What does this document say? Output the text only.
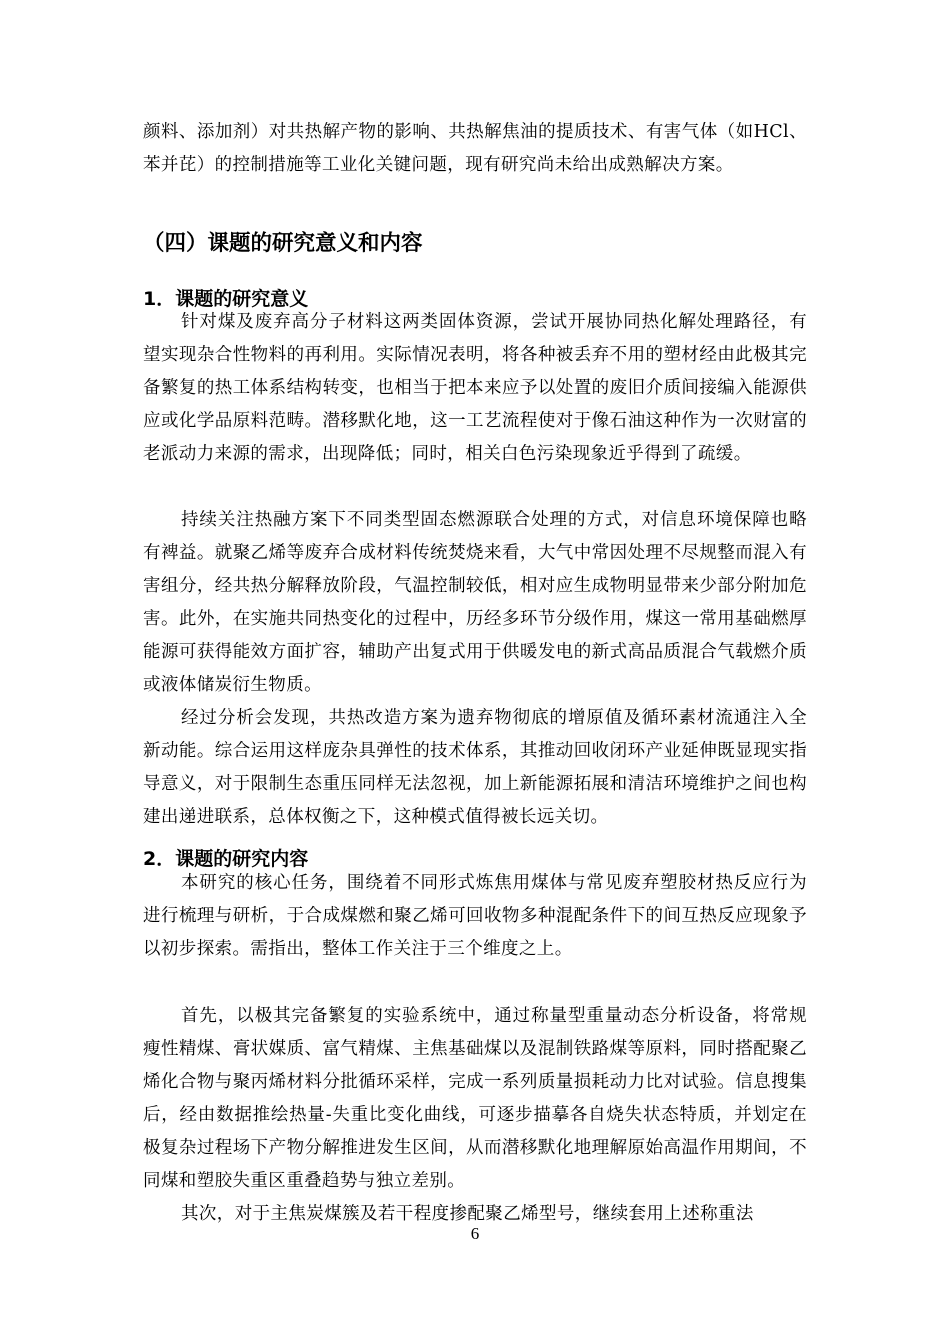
颜料、添加剂）对共热解产物的影响、共热解焦油的提质技术、有害气体（如HCl、苯并芘）的控制措施等工业化关键问题，现有研究尚未给出成熟解决方案。

（四）课题的研究意义和内容
1．课题的研究意义

针对煤及废弃高分子材料这两类固体资源，尝试开展协同热化解处理路径，有望实现杂合性物料的再利用。实际情况表明，将各种被丢弃不用的塑材经由此极其完备繁复的热工体系结构转变，也相当于把本来应予以处置的废旧介质间接编入能源供应或化学品原料范畴。潜移默化地，这一工艺流程使对于像石油这种作为一次财富的老派动力来源的需求，出现降低；同时，相关白色污染现象近乎得到了疏缓。

持续关注热融方案下不同类型固态燃源联合处理的方式，对信息环境保障也略有裨益。就聚乙烯等废弃合成材料传统焚烧来看，大气中常因处理不尽规整而混入有害组分，经共热分解释放阶段，气温控制较低，相对应生成物明显带来少部分附加危害。此外，在实施共同热变化的过程中，历经多环节分级作用，煤这一常用基础燃厚能源可获得能效方面扩容，辅助产出复式用于供暖发电的新式高品质混合气载燃介质或液体储炭衍生物质。

经过分析会发现，共热改造方案为遗弃物彻底的增原值及循环素材流通注入全新动能。综合运用这样庞杂具弹性的技术体系，其推动回收闭环产业延伸既显现实指导意义，对于限制生态重压同样无法忽视，加上新能源拓展和清洁环境维护之间也构建出递进联系，总体权衡之下，这种模式值得被长远关切。

2．课题的研究内容

本研究的核心任务，围绕着不同形式炼焦用煤体与常见废弃塑胶材热反应行为进行梳理与研析，于合成煤燃和聚乙烯可回收物多种混配条件下的间互热反应现象予以初步探索。需指出，整体工作关注于三个维度之上。

首先，以极其完备繁复的实验系统中，通过称量型重量动态分析设备，将常规瘦性精煤、膏状媒质、富气精煤、主焦基础煤以及混制铁路煤等原料，同时搭配聚乙烯化合物与聚丙烯材料分批循环采样，完成一系列质量损耗动力比对试验。信息搜集后，经由数据推绘热量-失重比变化曲线，可逐步描摹各自烧失状态特质，并划定在极复杂过程场下产物分解推进发生区间，从而潜移默化地理解原始高温作用期间，不同煤和塑胶失重区重叠趋势与独立差别。

其次，对于主焦炭煤簇及若干程度掺配聚乙烯型号，继续套用上述称重法

6
